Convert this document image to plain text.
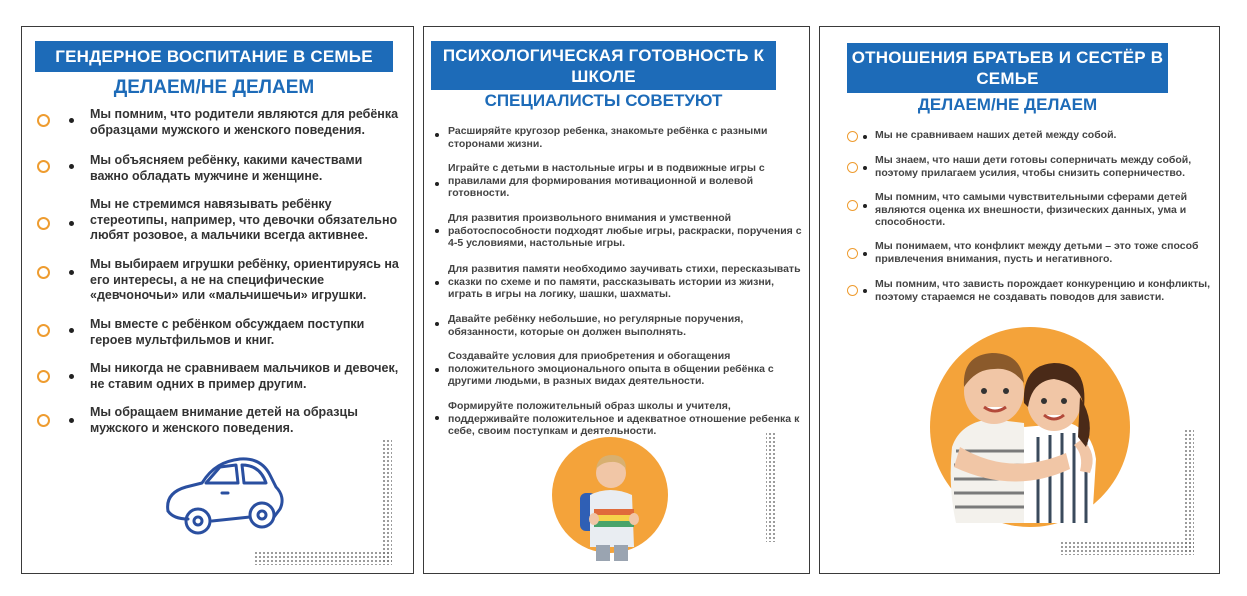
ГЕНДЕРНОЕ ВОСПИТАНИЕ В СЕМЬЕ
ДЕЛАЕМ/НЕ ДЕЛАЕМ
Мы помним, что родители являются для ребёнка образцами мужского и женского поведения.
Мы объясняем ребёнку, какими качествами важно обладать мужчине и женщине.
Мы не стремимся навязывать ребёнку стереотипы, например, что девочки обязательно любят розовое, а мальчики всегда активнее.
Мы выбираем игрушки ребёнку, ориентируясь на его интересы, а не на специфические «девчоночьи» или «мальчишечьи» игрушки.
Мы вместе с ребёнком обсуждаем поступки героев мультфильмов и книг.
Мы никогда не сравниваем мальчиков и девочек, не ставим одних в пример другим.
Мы обращаем внимание детей на образцы мужского и женского поведения.
ПСИХОЛОГИЧЕСКАЯ ГОТОВНОСТЬ К ШКОЛЕ
СПЕЦИАЛИСТЫ СОВЕТУЮТ
Расширяйте кругозор ребенка, знакомьте ребёнка с разными сторонами жизни.
Играйте с детьми в настольные игры и в подвижные игры с правилами для формирования мотивационной и волевой готовности.
Для развития произвольного внимания и умственной работоспособности подходят любые игры, раскраски, поручения с 4-5 условиями, настольные игры.
Для развития памяти необходимо заучивать стихи, пересказывать сказки по схеме и по памяти, рассказывать истории из жизни, играть в игры на логику, шашки, шахматы.
Давайте ребёнку небольшие, но регулярные поручения, обязанности, которые он должен выполнять.
Создавайте условия для приобретения и обогащения положительного эмоционального опыта в общении ребёнка с другими людьми, в разных видах деятельности.
Формируйте положительный образ школы и учителя, поддерживайте положительное и адекватное отношение ребенка к себе, своим поступкам и деятельности.
ОТНОШЕНИЯ БРАТЬЕВ И СЕСТЁР В СЕМЬЕ
ДЕЛАЕМ/НЕ ДЕЛАЕМ
Мы не сравниваем наших детей между собой.
Мы знаем, что наши дети готовы соперничать между собой, поэтому прилагаем усилия, чтобы снизить соперничество.
Мы помним, что самыми чувствительными сферами детей являются оценка их внешности, физических данных, ума и способности.
Мы понимаем, что конфликт между детьми – это тоже способ привлечения внимания, пусть и негативного.
Мы помним, что зависть порождает конкуренцию и конфликты, поэтому стараемся не создавать поводов для зависти.
